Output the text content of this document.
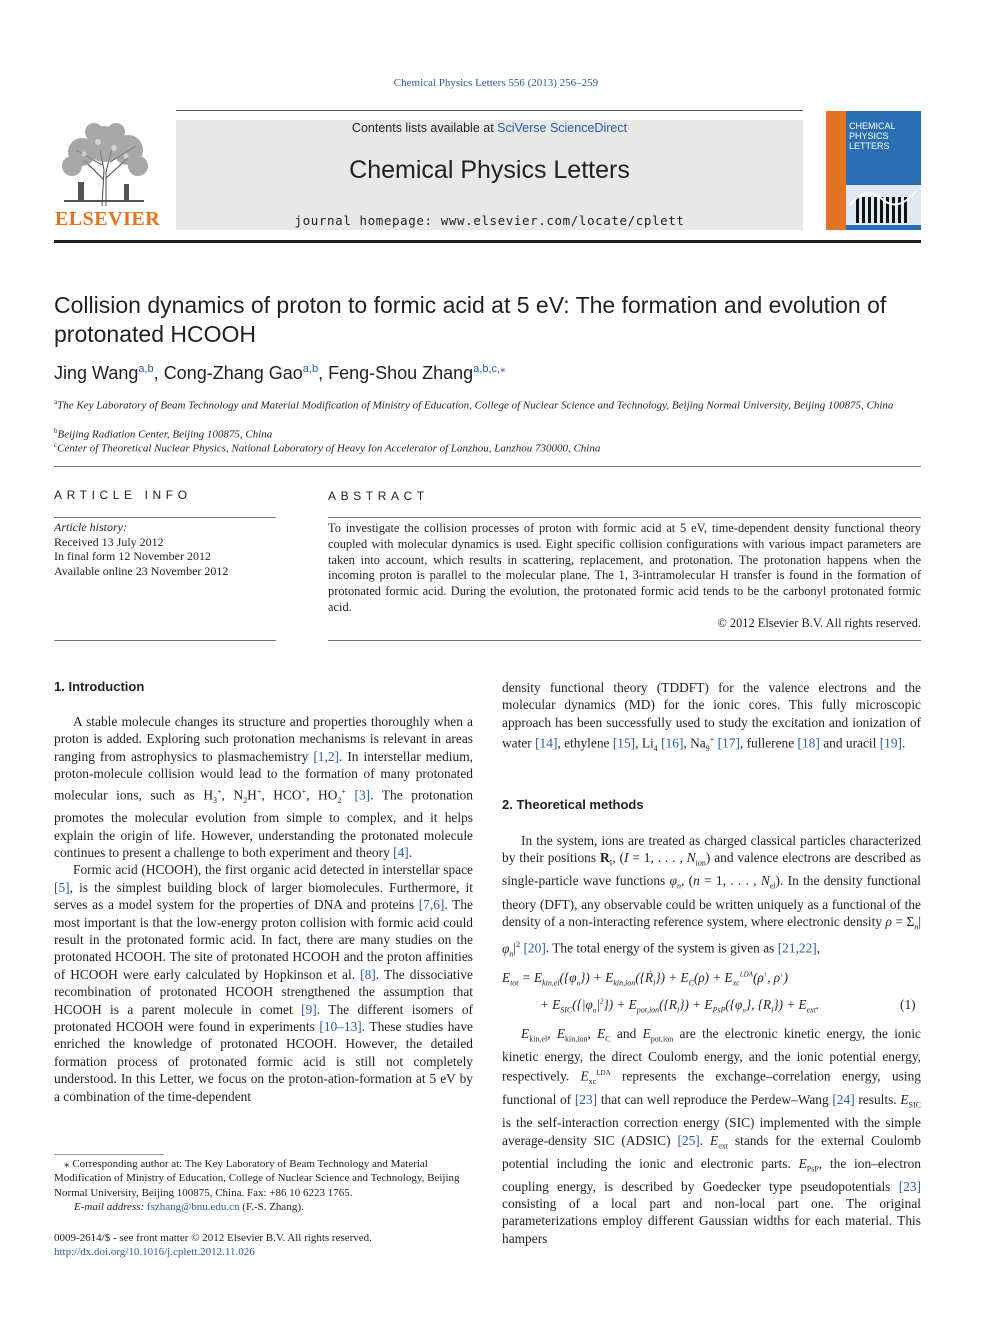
Chemical Physics Letters 556 (2013) 256–259
ELSEVIER
Contents lists available at SciVerse ScienceDirect
Chemical Physics Letters
journal homepage: www.elsevier.com/locate/cplett
CHEMICAL PHYSICS LETTERS
Collision dynamics of proton to formic acid at 5 eV: The formation and evolution of protonated HCOOH
Jing Wang$^{a,b}$, Cong-Zhang Gao$^{a,b}$, Feng-Shou Zhang$^{a,b,c,⁎}$
$^a$The Key Laboratory of Beam Technology and Material Modification of Ministry of Education, College of Nuclear Science and Technology, Beijing Normal University, Beijing 100875, China
$^b$Beijing Radiation Center, Beijing 100875, China
$^c$Center of Theoretical Nuclear Physics, National Laboratory of Heavy Ion Accelerator of Lanzhou, Lanzhou 730000, China
ARTICLE INFO
Article history:
Received 13 July 2012
In final form 12 November 2012
Available online 23 November 2012
ABSTRACT
To investigate the collision processes of proton with formic acid at 5 eV, time-dependent density functional theory coupled with molecular dynamics is used. Eight specific collision configurations with various impact parameters are taken into account, which results in scattering, replacement, and protonation. The protonation happens when the incoming proton is parallel to the molecular plane. The 1, 3-intramolecular H transfer is found in the formation of protonated formic acid. During the evolution, the protonated formic acid tends to be the carbonyl protonated formic acid.
© 2012 Elsevier B.V. All rights reserved.
1. Introduction

A stable molecule changes its structure and properties thoroughly when a proton is added. Exploring such protonation mechanisms is relevant in areas ranging from astrophysics to plasmachemistry [1,2]. In interstellar medium, proton-molecule collision would lead to the formation of many protonated molecular ions, such as $H_3^+$, $N_2H^+$, HCO+, $HO_2^+$ [3]. The protonation promotes the molecular evolution from simple to complex, and it helps explain the origin of life. However, understanding the protonated molecule continues to present a challenge to both experiment and theory [4].

Formic acid (HCOOH), the first organic acid detected in interstellar space [5], is the simplest building block of larger biomolecules. Furthermore, it serves as a model system for the properties of DNA and proteins [7,6]. The most important is that the low-energy proton collision with formic acid could result in the protonated formic acid. In fact, there are many studies on the protonated HCOOH. The site of protonated HCOOH and the proton affinities of HCOOH were early calculated by Hopkinson et al. [8]. The dissociative recombination of protonated HCOOH strengthened the assumption that HCOOH is a parent molecule in comet [9]. The different isomers of protonated HCOOH were found in experiments [10–13]. These studies have enriched the knowledge of protonated HCOOH. However, the detailed formation process of protonated formic acid is still not completely understood. In this Letter, we focus on the proton-ation-formation at 5 eV by a combination of the time-dependent

⁎ Corresponding author at: The Key Laboratory of Beam Technology and Material Modification of Ministry of Education, College of Nuclear Science and Technology, Beijing Normal University, Beijing 100875, China. Fax: +86 10 6223 1765.
E-mail address: fszhang@bnu.edu.cn (F.-S. Zhang).
0009-2614/$ - see front matter © 2012 Elsevier B.V. All rights reserved.
http://dx.doi.org/10.1016/j.cplett.2012.11.026

density functional theory (TDDFT) for the valence electrons and the molecular dynamics (MD) for the ionic cores. This fully microscopic approach has been successfully used to study the excitation and ionization of water [14], ethylene [15], $Li_4$ [16], $Na_9^+$ [17], fullerene [18] and uracil [19].

2. Theoretical methods

In the system, ions are treated as charged classical particles characterized by their positions $R_I$, (I = 1, . . . , $N_{ion}$) and valence electrons are described as single-particle wave functions $\varphi_n$, (n = 1, . . . , $N_{el}$). In the density functional theory (DFT), any observable could be written uniquely as a functional of the density of a non-interacting reference system, where electronic density $\rho = \Sigma_n|\varphi_n|^2$ [20]. The total energy of the system is given as [21,22],

$E_{tot} = E_{kin,el}(\{\varphi_n\})$ + $E_{kin,ion}(\{Ṙ_I\}) + E_C(\rho) + E_{xc}^{LDA}(\rho^↑$, ρ↓)
+ $E_{SIC}(\{|\varphi_n|^2\}) + E_{pot,ion}(\{R_I\}) + E_{PsP}(\{\varphi_n\}$, $\{R_I\}) + E_{ext}$.	(1)

$E_{kin,el}$, $E_{kin,ion}$, $E_C$ and $E_{pot,ion}$ are the electronic kinetic energy, the ionic kinetic energy, the direct Coulomb energy, and the ionic potential energy, respectively. $E_{xc}^{LDA}$ represents the exchange–correlation energy, using functional of [23] that can well reproduce the Perdew–Wang [24] results. $E_{SIC}$ is the self-interaction correction energy (SIC) implemented with the simple average-density SIC (ADSIC) [25]. $E_{ext}$ stands for the external Coulomb potential including the ionic and electronic parts. $E_{PsP}$, the ion–electron coupling energy, is described by Goedecker type pseudopotentials [23] consisting of a local part and non-local part one. The original parameterizations employ different Gaussian widths for each material. This hampers
